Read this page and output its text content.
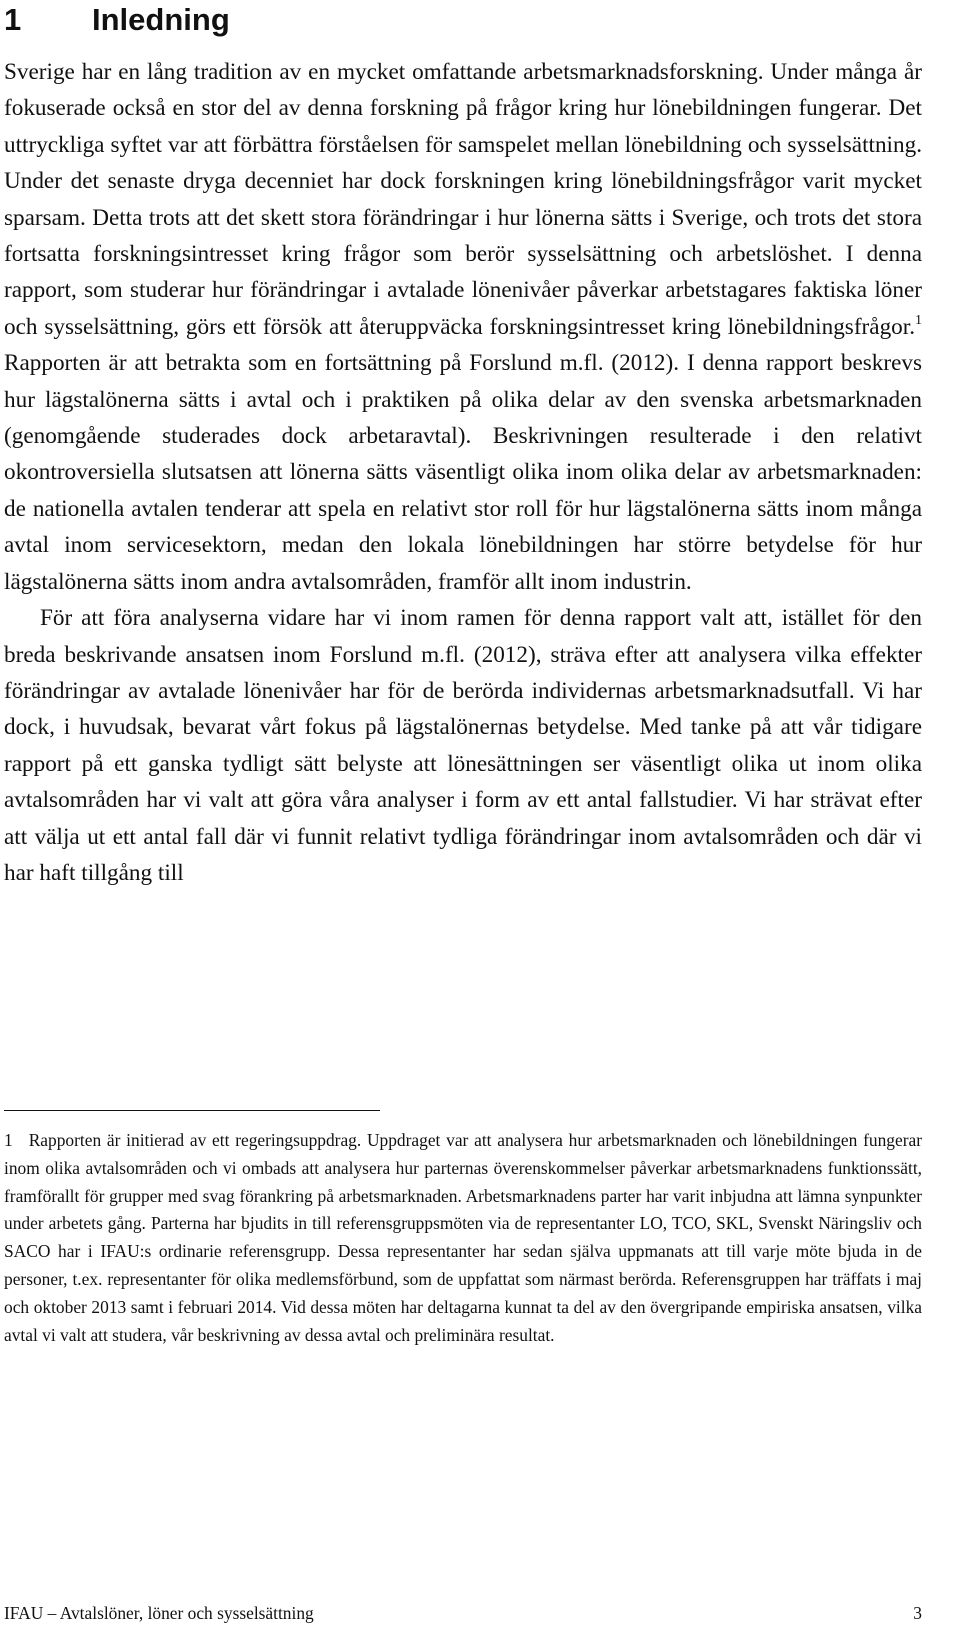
1 Inledning

Sverige har en lång tradition av en mycket omfattande arbetsmarknadsforskning. Under många år fokuserade också en stor del av denna forskning på frågor kring hur lönebildningen fungerar. Det uttryckliga syftet var att förbättra förståelsen för samspelet mellan lönebildning och sysselsättning. Under det senaste dryga decenniet har dock forskningen kring lönebildningsfrågor varit mycket sparsam. Detta trots att det skett stora förändringar i hur lönerna sätts i Sverige, och trots det stora fortsatta forskningsintresset kring frågor som berör sysselsättning och arbetslöshet. I denna rapport, som studerar hur förändringar i avtalade lönenivåer påverkar arbetstagares faktiska löner och sysselsättning, görs ett försök att återuppväcka forskningsintresset kring lönebildningsfrågor.$^1$ Rapporten är att betrakta som en fortsättning på Forslund m.fl. (2012). I denna rapport beskrevs hur lägstalönerna sätts i avtal och i praktiken på olika delar av den svenska arbetsmarknaden (genomgående studerades dock arbetaravtal). Beskrivningen resulterade i den relativt okontroversiella slutsatsen att lönerna sätts väsentligt olika inom olika delar av arbetsmarknaden: de nationella avtalen tenderar att spela en relativt stor roll för hur lägstalönerna sätts inom många avtal inom servicesektorn, medan den lokala lönebildningen har större betydelse för hur lägstalönerna sätts inom andra avtalsområden, framför allt inom industrin.

För att föra analyserna vidare har vi inom ramen för denna rapport valt att, istället för den breda beskrivande ansatsen inom Forslund m.fl. (2012), sträva efter att analysera vilka effekter förändringar av avtalade lönenivåer har för de berörda individernas arbetsmarknadsutfall. Vi har dock, i huvudsak, bevarat vårt fokus på lägstalönernas betydelse. Med tanke på att vår tidigare rapport på ett ganska tydligt sätt belyste att lönesättningen ser väsentligt olika ut inom olika avtalsområden har vi valt att göra våra analyser i form av ett antal fallstudier. Vi har strävat efter att välja ut ett antal fall där vi funnit relativt tydliga förändringar inom avtalsområden och där vi har haft tillgång till

1 Rapporten är initierad av ett regeringsuppdrag. Uppdraget var att analysera hur arbetsmarknaden och lönebildningen fungerar inom olika avtalsområden och vi ombads att analysera hur parternas överenskommelser påverkar arbetsmarknadens funktionssätt, framförallt för grupper med svag förankring på arbetsmarknaden. Arbetsmarknadens parter har varit inbjudna att lämna synpunkter under arbetets gång. Parterna har bjudits in till referensgruppsmöten via de representanter LO, TCO, SKL, Svenskt Näringsliv och SACO har i IFAU:s ordinarie referensgrupp. Dessa representanter har sedan själva uppmanats att till varje möte bjuda in de personer, t.ex. representanter för olika medlemsförbund, som de uppfattat som närmast berörda. Referensgruppen har träffats i maj och oktober 2013 samt i februari 2014. Vid dessa möten har deltagarna kunnat ta del av den övergripande empiriska ansatsen, vilka avtal vi valt att studera, vår beskrivning av dessa avtal och preliminära resultat.
IFAU – Avtalslöner, löner och sysselsättning	3
